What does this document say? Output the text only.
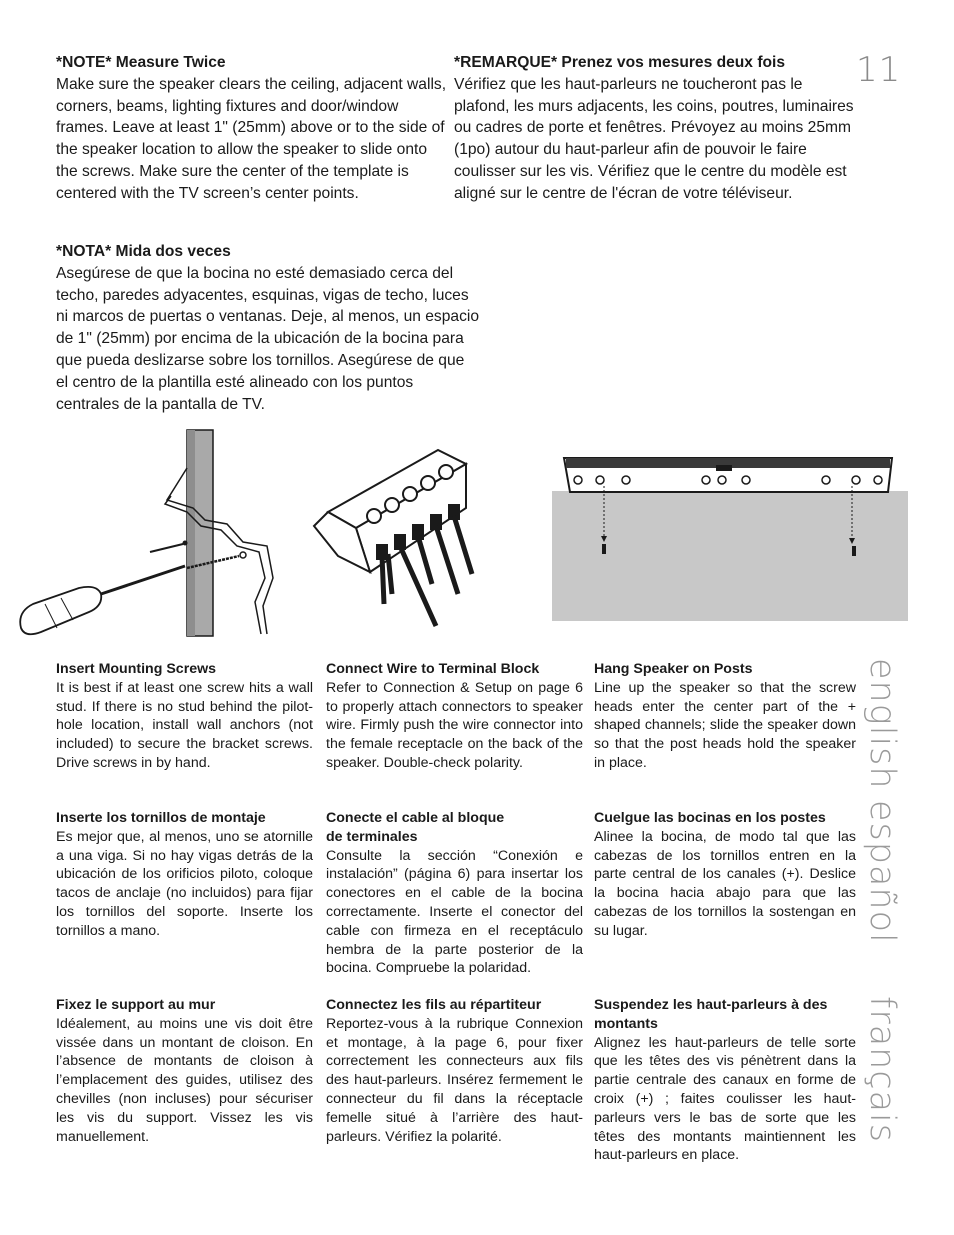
11
*NOTE* Measure Twice

Make sure the speaker clears the ceiling, adjacent walls, corners, beams, lighting fixtures and door/window frames. Leave at least 1" (25mm) above or to the side of the speaker location to allow the speaker to slide onto the screws. Make sure the center of the template is centered with the TV screen’s center points.

*REMARQUE* Prenez vos mesures deux fois

Vérifiez que les haut-parleurs ne toucheront pas le plafond, les murs adjacents, les coins, poutres, luminaires ou cadres de porte et fenêtres. Prévoyez au moins 25mm (1po) autour du haut-parleur afin de pouvoir le faire coulisser sur les vis. Vérifiez que le centre du modèle est aligné sur le centre de l'écran de votre téléviseur.

*NOTA* Mida dos veces

Asegúrese de que la bocina no esté demasiado cerca del techo, paredes adyacentes, esquinas, vigas de techo, luces ni marcos de puertas o ventanas. Deje, al menos, un espacio de 1" (25mm) por encima de la ubicación de la bocina para que pueda deslizarse sobre los tornillos. Asegúrese de que el centro de la plantilla esté alineado con los puntos centrales de la pantalla de TV.

Insert Mounting Screws

It is best if at least one screw hits a wall stud. If there is no stud behind the pilot-hole location, install wall anchors (not included) to secure the bracket screws. Drive screws in by hand.

Inserte los tornillos de montaje

Es mejor que, al menos, uno se atornille a una viga. Si no hay vigas detrás de la ubicación de los orificios piloto, coloque tacos de anclaje (no incluidos) para fijar los tornillos del soporte. Inserte los tornillos a mano.

Fixez le support au mur

Idéalement, au moins une vis doit être vissée dans un montant de cloison. En l’absence de montants de cloison à l’emplacement des guides, utilisez des chevilles (non incluses) pour sécuriser les vis du support. Vissez les vis manuellement.

Connect Wire to Terminal Block

Refer to Connection & Setup on page 6 to properly attach connectors to speaker wire. Firmly push the wire connector into the female receptacle on the back of the speaker. Double-check polarity.

Conecte el cable al bloque
de terminales

Consulte la sección “Conexión e instalación” (página 6) para insertar los conectores en el cable de la bocina correctamente. Inserte el conector del cable con firmeza en el receptáculo hembra de la parte posterior de la bocina. Compruebe la polaridad.

Connectez les fils au répartiteur

Reportez-vous à la rubrique Connexion et montage, à la page 6, pour fixer correctement les connecteurs aux fils des haut-parleurs. Insérez fermement le connecteur du fil dans la réceptacle femelle situé à l’arrière des haut-parleurs. Vérifiez la polarité.

Hang Speaker on Posts

Line up the speaker so that the screw heads enter the center part of the + shaped channels; slide the speaker down so that the post heads hold the speaker in place.

Cuelgue las bocinas en los postes

Alinee la bocina, de modo tal que las cabezas de los tornillos entren en la parte central de los canales (+). Deslice la bocina hacia abajo para que las cabezas de los tornillos la sostengan en su lugar.

Suspendez les haut-parleurs à des montants

Alignez les haut-parleurs de telle sorte que les têtes des vis pénètrent dans la partie centrale des canaux en forme de croix (+) ; faites coulisser les haut-parleurs vers le bas de sorte que les têtes des montants maintiennent les haut-parleurs en place.

english
español
français
